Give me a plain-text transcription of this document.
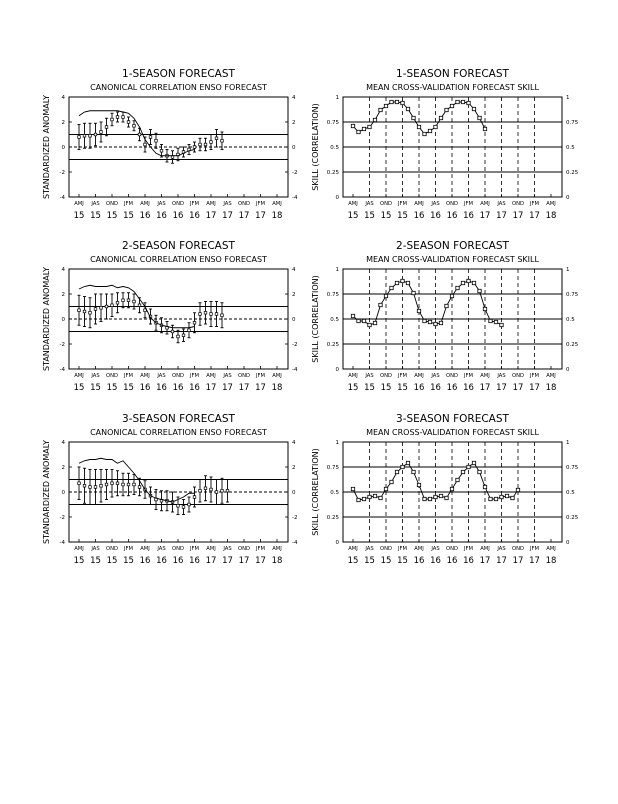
1-SEASON FORECAST
CANONICAL CORRELATION ENSO FORECAST
STANDARDIZED ANOMALY 4	4
2	2
0	0
-2	-2
-4	-4
AMJ
15
JAS
15
OND
15
JFM
15
AMJ
16
JAS
16
OND
16
JFM
16
AMJ
17
JAS
17
OND
17
JFM
17
AMJ
18
1-SEASON FORECAST
MEAN CROSS-VALIDATION FORECAST SKILL
SKILL (CORRELATION)
1	1
0.75	0.75
0.5	0.5
0.25	0.25
0	0
AMJ
15
JAS
15
OND
15
JFM
15
AMJ
16
JAS
16
OND
16
JFM
16
AMJ
17
JAS
17
OND
17
JFM
17
AMJ
18
2-SEASON FORECAST
CANONICAL CORRELATION ENSO FORECAST
STANDARDIZED ANOMALY 4	4
2	2
0	0
-2	-2
-4	-4
AMJ
15
JAS
15
OND
15
JFM
15
AMJ
16
JAS
16
OND
16
JFM
16
AMJ
17
JAS
17
OND
17
JFM
17
AMJ
18
2-SEASON FORECAST
MEAN CROSS-VALIDATION FORECAST SKILL
SKILL (CORRELATION)
1	1
0.75	0.75
0.5	0.5
0.25	0.25
0	0
AMJ
15
JAS
15
OND
15
JFM
15
AMJ
16
JAS
16
OND
16
JFM
16
AMJ
17
JAS
17
OND
17
JFM
17
AMJ
18
3-SEASON FORECAST
CANONICAL CORRELATION ENSO FORECAST
STANDARDIZED ANOMALY 4	4
2	2
0	0
-2	-2
-4	-4
AMJ
15
JAS
15
OND
15
JFM
15
AMJ
16
JAS
16
OND
16
JFM
16
AMJ
17
JAS
17
OND
17
JFM
17
AMJ
18
3-SEASON FORECAST
MEAN CROSS-VALIDATION FORECAST SKILL
SKILL (CORRELATION)
1	1
0.75	0.75
0.5	0.5
0.25	0.25
0	0
AMJ
15
JAS
15
OND
15
JFM
15
AMJ
16
JAS
16
OND
16
JFM
16
AMJ
17
JAS
17
OND
17
JFM
17
AMJ
18
